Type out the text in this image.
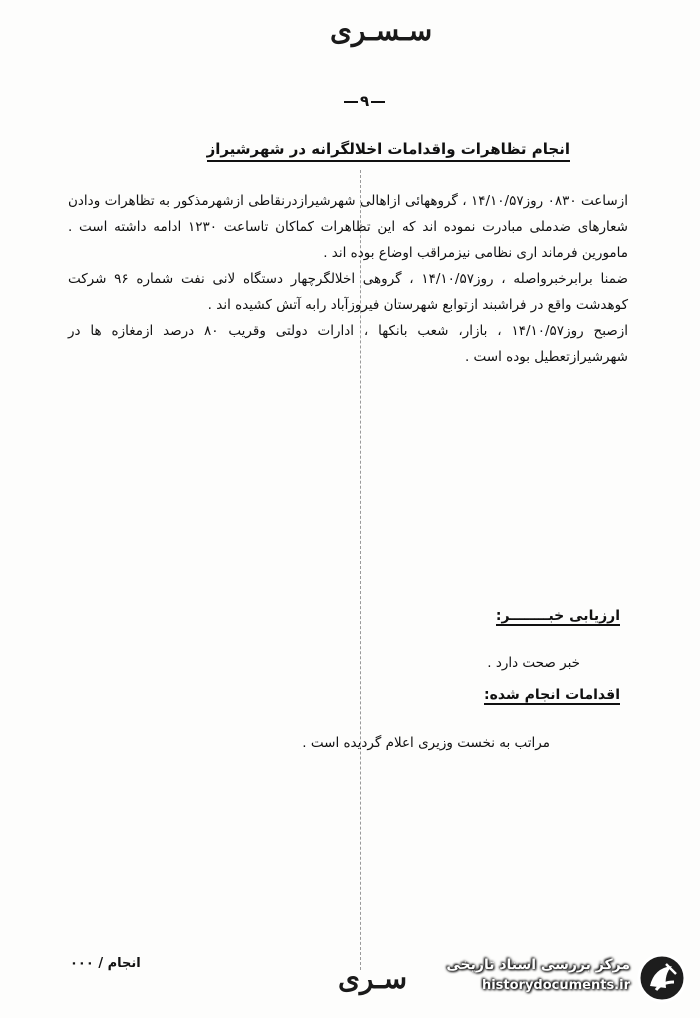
سـسـری
۹
انجام تظاهرات واقدامات اخلالگرانه در شهرشیراز

ازساعت ۰۸۳۰ روز۱۴/۱۰/۵۷ ، گروههائی ازاهالی شهرشیرازدرنقاطی ازشهرمذکور به تظاهرات ودادن شعارهای ضدملی مبادرت نموده اند که این تظاهرات کماکان تاساعت ۱۲۳۰ ادامه داشته است . مامورین فرماند اری نظامی نیزمراقب اوضاع بوده اند .

ضمنا برابرخبرواصله ، روز۱۴/۱۰/۵۷ ، گروهی اخلالگرچهار دستگاه لانی نفت شماره ۹۶ شرکت کوهدشت واقع در فراشبند ازتوابع شهرستان فیروزآباد رابه آتش کشیده اند .

ازصبح روز۱۴/۱۰/۵۷ ، بازار، شعب بانکها ، ادارات دولتی وقریب ۸۰ درصد ازمغازه ها در شهرشیرازتعطیل بوده است .

ارزیابی خبــــــــر:
خبر صحت دارد .
اقدامات انجام شده:
مراتب به نخست وزیری اعلام گردیده است .
انجام / ۰۰۰	سـری	مرکز بررسی اسناد تاریخی
historydocuments.ir
